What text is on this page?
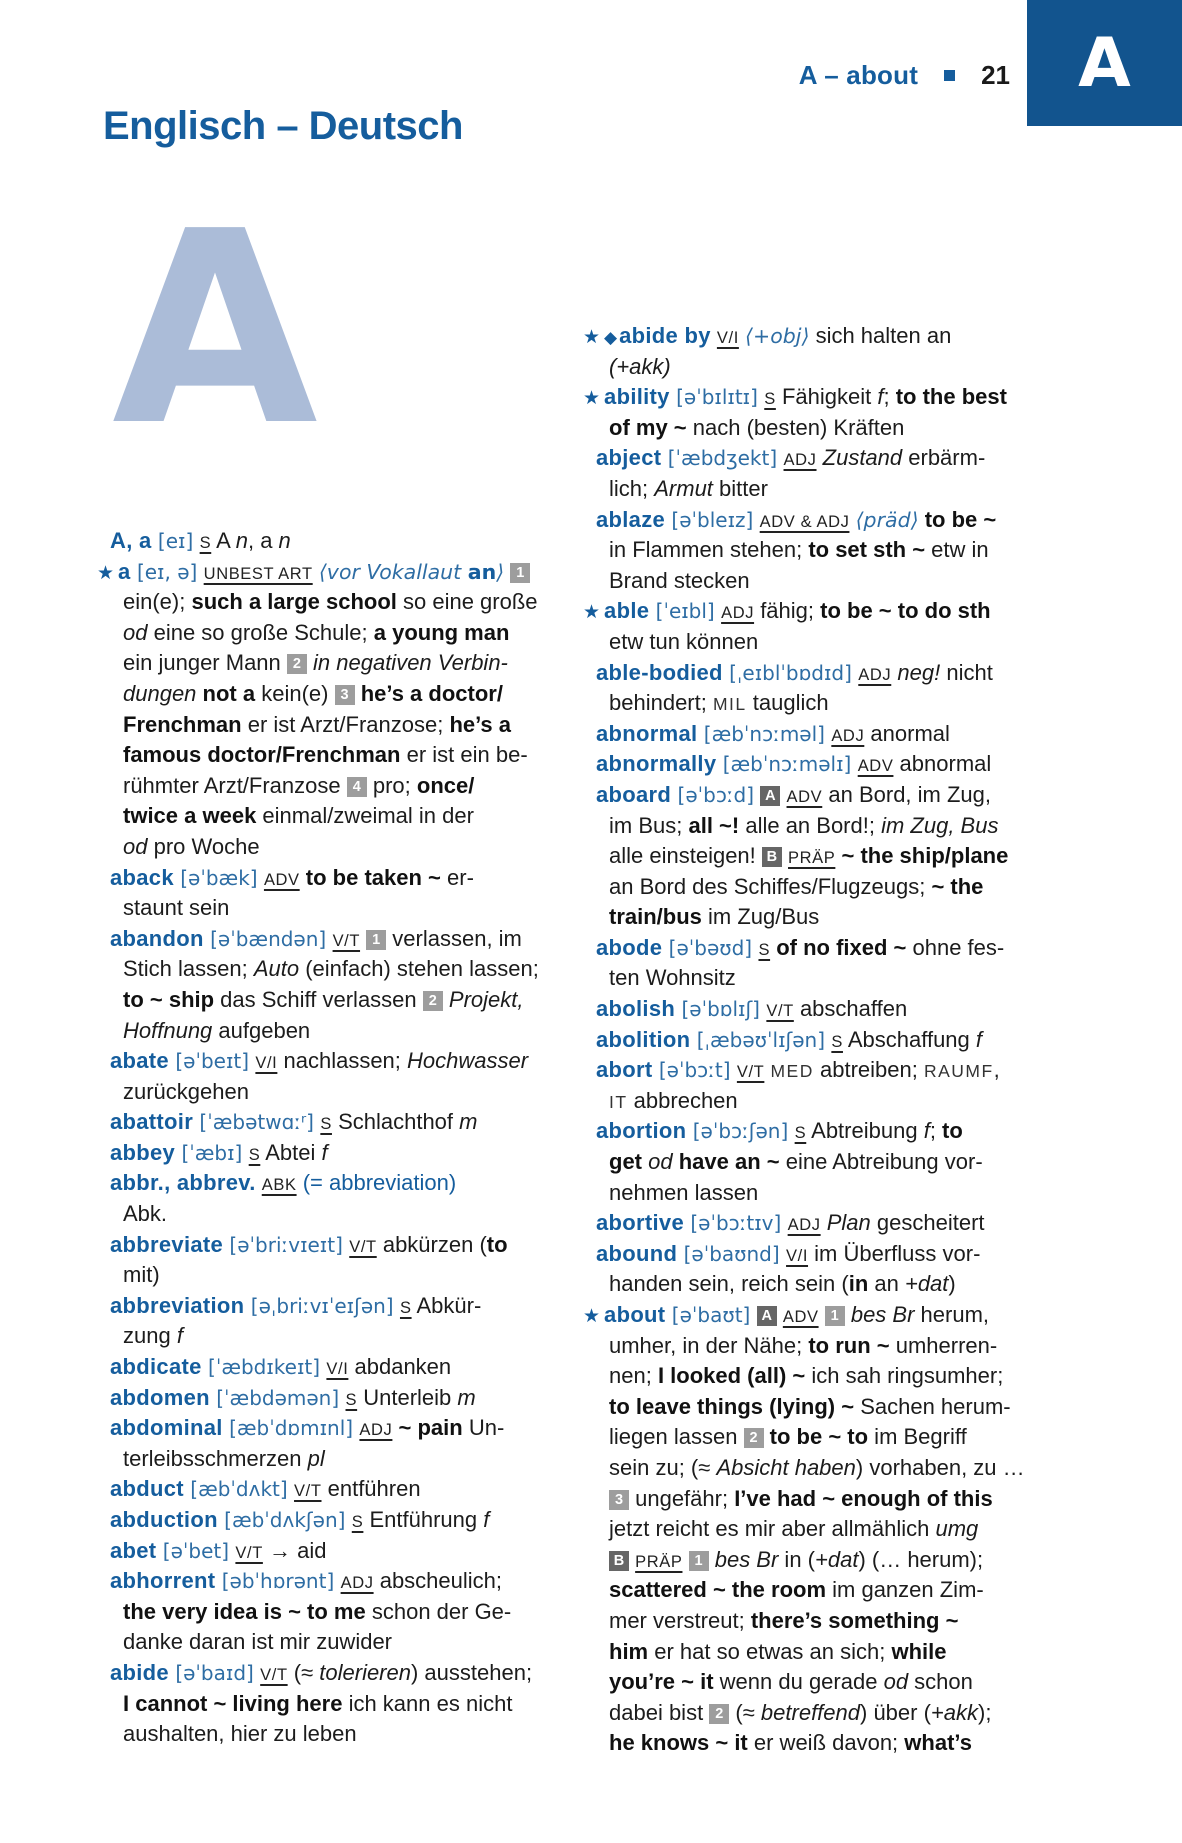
A – about 21 A
Englisch – Deutsch
A
A, a [eɪ] S A n, a n
★ a [eɪ, ə] UNBEST ART ⟨vor Vokallaut an⟩ 1
ein(e); such a large school so eine große
od eine so große Schule; a young man
ein junger Mann 2 in negativen Verbin-
dungen not a kein(e) 3 he’s a doctor/
Frenchman er ist Arzt/Franzose; he’s a
famous doctor/Frenchman er ist ein be-
rühmter Arzt/Franzose 4 pro; once/
twice a week einmal/zweimal in der
od pro Woche
aback [əˈbæk] ADV to be taken ~ er-
staunt sein
abandon [əˈbændən] V/T 1 verlassen, im
Stich lassen; Auto (einfach) stehen lassen;
to ~ ship das Schiff verlassen 2 Projekt,
Hoffnung aufgeben
abate [əˈbeɪt] V/I nachlassen; Hochwasser
zurückgehen
abattoir [ˈæbətwɑːʳ] S Schlachthof m
abbey [ˈæbɪ] S Abtei f
abbr., abbrev. ABK (= abbreviation)
Abk.
abbreviate [əˈbriːvɪeɪt] V/T abkürzen (to
mit)
abbreviation [əˌbriːvɪˈeɪʃən] S Abkür-
zung f
abdicate [ˈæbdɪkeɪt] V/I abdanken
abdomen [ˈæbdəmən] S Unterleib m
abdominal [æbˈdɒmɪnl] ADJ ~ pain Un-
terleibsschmerzen pl
abduct [æbˈdʌkt] V/T entführen
abduction [æbˈdʌkʃən] S Entführung f
abet [əˈbet] V/T → aid
abhorrent [əbˈhɒrənt] ADJ abscheulich;
the very idea is ~ to me schon der Ge-
danke daran ist mir zuwider
abide [əˈbaɪd] V/T (≈ tolerieren) ausstehen;
I cannot ~ living here ich kann es nicht
aushalten, hier zu leben
★ ◆abide by V/I ⟨+obj⟩ sich halten an
(+akk)
★ ability [əˈbɪlɪtɪ] S Fähigkeit f; to the best
of my ~ nach (besten) Kräften
abject [ˈæbdʒekt] ADJ Zustand erbärm-
lich; Armut bitter
ablaze [əˈbleɪz] ADV & ADJ ⟨präd⟩ to be ~
in Flammen stehen; to set sth ~ etw in
Brand stecken
★ able [ˈeɪbl] ADJ fähig; to be ~ to do sth
etw tun können
able-bodied [ˌeɪblˈbɒdɪd] ADJ neg! nicht
behindert; MIL tauglich
abnormal [æbˈnɔːməl] ADJ anormal
abnormally [æbˈnɔːməlɪ] ADV abnormal
aboard [əˈbɔːd] A ADV an Bord, im Zug,
im Bus; all ~! alle an Bord!; im Zug, Bus
alle einsteigen! B PRÄP ~ the ship/plane
an Bord des Schiffes/Flugzeugs; ~ the
train/bus im Zug/Bus
abode [əˈbəʊd] S of no fixed ~ ohne fes-
ten Wohnsitz
abolish [əˈbɒlɪʃ] V/T abschaffen
abolition [ˌæbəʊˈlɪʃən] S Abschaffung f
abort [əˈbɔːt] V/T MED abtreiben; RAUMF,
IT abbrechen
abortion [əˈbɔːʃən] S Abtreibung f; to
get od have an ~ eine Abtreibung vor-
nehmen lassen
abortive [əˈbɔːtɪv] ADJ Plan gescheitert
abound [əˈbaʊnd] V/I im Überfluss vor-
handen sein, reich sein (in an +dat)
★ about [əˈbaʊt] A ADV 1 bes Br herum,
umher, in der Nähe; to run ~ umherren-
nen; I looked (all) ~ ich sah ringsumher;
to leave things (lying) ~ Sachen herum-
liegen lassen 2 to be ~ to im Begriff
sein zu; (≈ Absicht haben) vorhaben, zu …
3 ungefähr; I’ve had ~ enough of this
jetzt reicht es mir aber allmählich umg
B PRÄP 1 bes Br in (+dat) (… herum);
scattered ~ the room im ganzen Zim-
mer verstreut; there’s something ~
him er hat so etwas an sich; while
you’re ~ it wenn du gerade od schon
dabei bist 2 (≈ betreffend) über (+akk);
he knows ~ it er weiß davon; what’s
